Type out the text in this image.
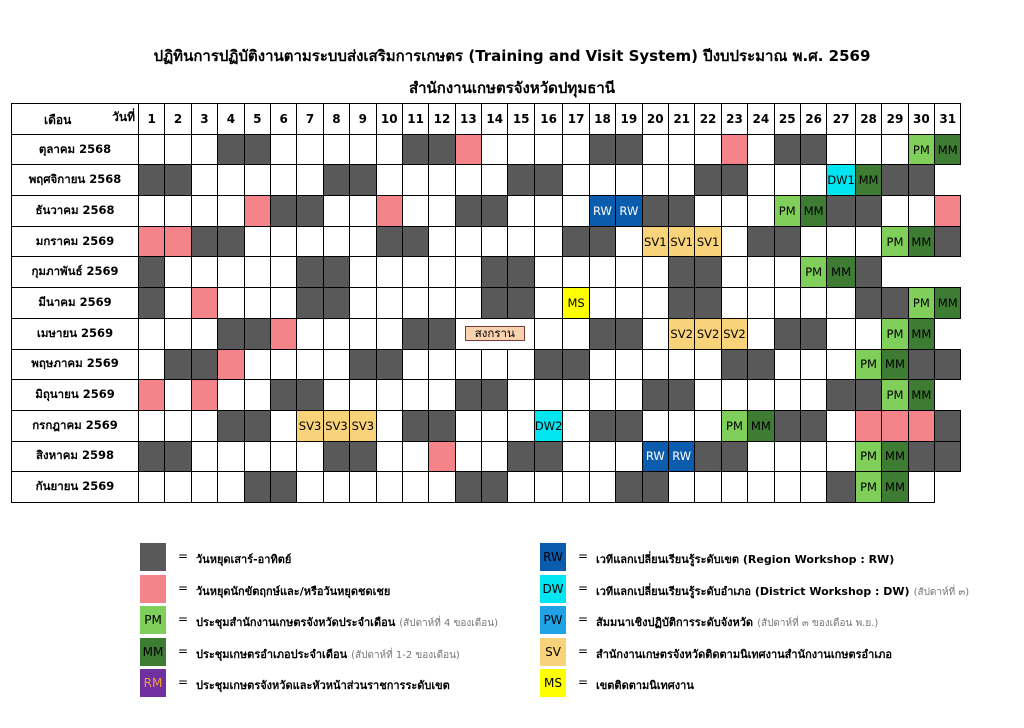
ปฏิทินการปฏิบัติงานตามระบบส่งเสริมการเกษตร (Training and Visit System) ปีงบประมาณ พ.ศ. 2569
สำนักงานเกษตรจังหวัดปทุมธานี
เดือน วันที่	1	2	3	4	5	6	7	8	9	10	11	12	13	14	15	16	17	18	19	20	21	22	23	24	25	26	27	28	29	30	31
ตุลาคม 2568																														PM	MM
พฤศจิกายน 2568																											DW1	MM			
ธันวาคม 2568																		RW	RW						PM	MM					
มกราคม 2569																				SV1	SV1	SV1							PM	MM	
กุมภาพันธ์ 2569																										PM	MM				
มีนาคม 2569																	MS													PM	MM
เมษายน 2569													สงกราน								SV2	SV2	SV2						PM	MM	
พฤษภาคม 2569																												PM	MM		
มิถุนายน 2569																													PM	MM	
กรกฎาคม 2569							SV3	SV3	SV3							DW2							PM	MM							
สิงหาคม 2598																				RW	RW							PM	MM		
กันยายน 2569																												PM	MM		
= วันหยุดเสาร์-อาทิตย์
= วันหยุดนักขัตฤกษ์และ/หรือวันหยุดชดเชย
PM	= ประชุมสำนักงานเกษตรจังหวัดประจำเดือน (สัปดาห์ที่ 4 ของเดือน)
MM = ประชุมเกษตรอำเภอประจำเดือน (สัปดาห์ที่ 1-2 ของเดือน)
RM	= ประชุมเกษตรจังหวัดและหัวหน้าส่วนราชการระดับเขต
RW = เวทีแลกเปลี่ยนเรียนรู้ระดับเขต (Region Workshop : RW)
DW = เวทีแลกเปลี่ยนเรียนรู้ระดับอำเภอ (District Workshop : DW) (สัปดาห์ที่ ๓)
PW = สัมมนาเชิงปฏิบัติการระดับจังหวัด (สัปดาห์ที่ ๓ ของเดือน พ.ย.)
SV	= สำนักงานเกษตรจังหวัดติดตามนิเทศงานสำนักงานเกษตรอำเภอ
MS	= เขตติดตามนิเทศงาน
